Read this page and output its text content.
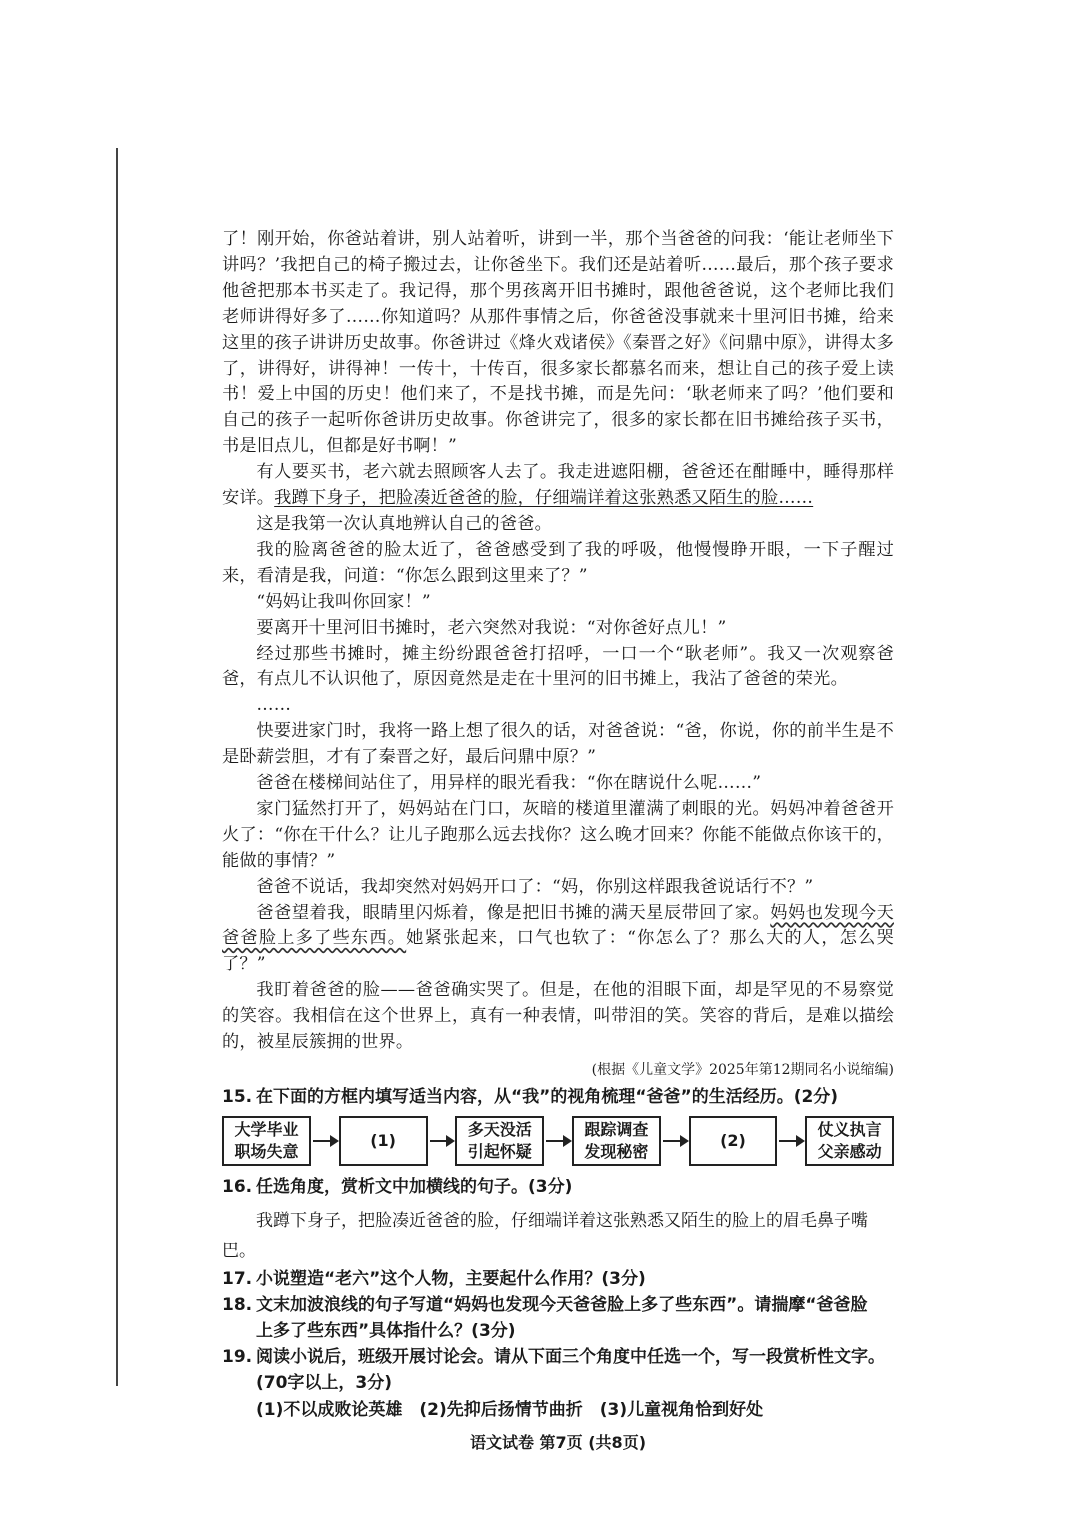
了！刚开始，你爸站着讲，别人站着听，讲到一半，那个当爸爸的问我：‘能让老师坐下讲吗？’我把自己的椅子搬过去，让你爸坐下。我们还是站着听……最后，那个孩子要求他爸把那本书买走了。我记得，那个男孩离开旧书摊时，跟他爸爸说，这个老师比我们老师讲得好多了……你知道吗？从那件事情之后，你爸爸没事就来十里河旧书摊，给来这里的孩子讲讲历史故事。你爸讲过《烽火戏诸侯》《秦晋之好》《问鼎中原》，讲得太多了，讲得好，讲得神！一传十，十传百，很多家长都慕名而来，想让自己的孩子爱上读书！爱上中国的历史！他们来了，不是找书摊，而是先问：‘耿老师来了吗？’他们要和自己的孩子一起听你爸讲历史故事。你爸讲完了，很多的家长都在旧书摊给孩子买书，书是旧点儿，但都是好书啊！”

有人要买书，老六就去照顾客人去了。我走进遮阳棚，爸爸还在酣睡中，睡得那样安详。我蹲下身子，把脸凑近爸爸的脸，仔细端详着这张熟悉又陌生的脸……

这是我第一次认真地辨认自己的爸爸。

我的脸离爸爸的脸太近了，爸爸感受到了我的呼吸，他慢慢睁开眼，一下子醒过来，看清是我，问道：“你怎么跟到这里来了？”

“妈妈让我叫你回家！”

要离开十里河旧书摊时，老六突然对我说：“对你爸好点儿！”

经过那些书摊时，摊主纷纷跟爸爸打招呼，一口一个“耿老师”。我又一次观察爸爸，有点儿不认识他了，原因竟然是走在十里河的旧书摊上，我沾了爸爸的荣光。

……

快要进家门时，我将一路上想了很久的话，对爸爸说：“爸，你说，你的前半生是不是卧薪尝胆，才有了秦晋之好，最后问鼎中原？”

爸爸在楼梯间站住了，用异样的眼光看我：“你在瞎说什么呢……”

家门猛然打开了，妈妈站在门口，灰暗的楼道里灌满了刺眼的光。妈妈冲着爸爸开火了：“你在干什么？让儿子跑那么远去找你？这么晚才回来？你能不能做点你该干的，能做的事情？”

爸爸不说话，我却突然对妈妈开口了：“妈，你别这样跟我爸说话行不？”

爸爸望着我，眼睛里闪烁着，像是把旧书摊的满天星辰带回了家。妈妈也发现今天爸爸脸上多了些东西。她紧张起来，口气也软了：“你怎么了？那么大的人，怎么哭了？”

我盯着爸爸的脸——爸爸确实哭了。但是，在他的泪眼下面，却是罕见的不易察觉的笑容。我相信在这个世界上，真有一种表情，叫带泪的笑。笑容的背后，是难以描绘的，被星辰簇拥的世界。

(根据《儿童文学》2025年第12期同名小说缩编)

15. 在下面的方框内填写适当内容，从“我”的视角梳理“爸爸”的生活经历。(2分)

大学毕业
职场失意
(1)
多天没活
引起怀疑
跟踪调查
发现秘密
(2)
仗义执言
父亲感动

16. 任选角度，赏析文中加横线的句子。(3分)

我蹲下身子，把脸凑近爸爸的脸，仔细端详着这张熟悉又陌生的脸上的眉毛鼻子嘴巴。

17. 小说塑造“老六”这个人物，主要起什么作用？(3分)

18. 文末加波浪线的句子写道“妈妈也发现今天爸爸脸上多了些东西”。请揣摩“爸爸脸

上多了些东西”具体指什么？(3分)

19. 阅读小说后，班级开展讨论会。请从下面三个角度中任选一个，写一段赏析性文字。

(70字以上，3分)

(1)不以成败论英雄　(2)先抑后扬情节曲折　(3)儿童视角恰到好处
语文试卷 第7页 (共8页)
